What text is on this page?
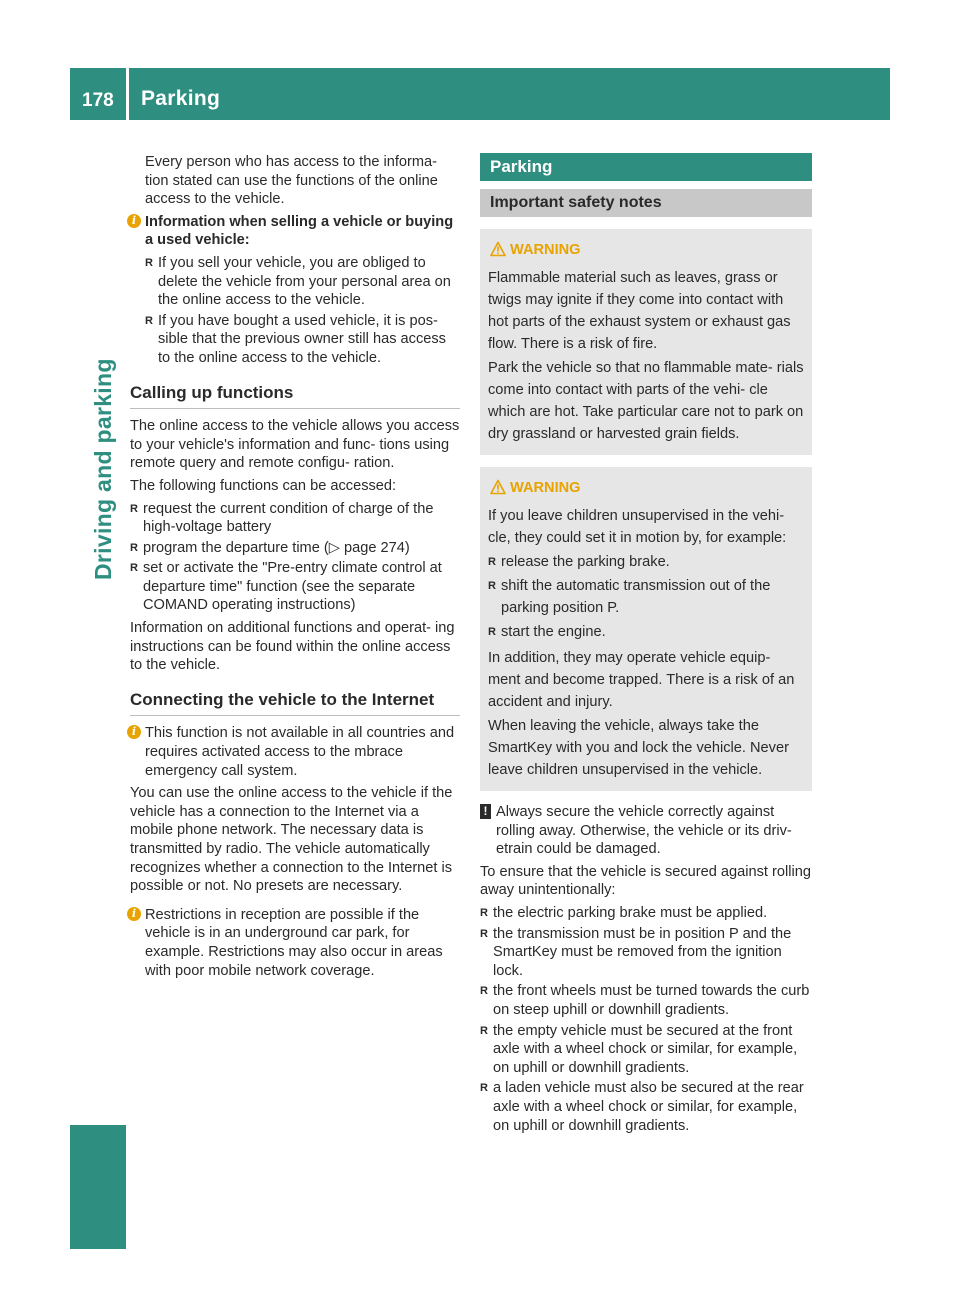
178 Parking
Driving and parking

Every person who has access to the informa- tion stated can use the functions of the online access to the vehicle.

i Information when selling a vehicle or buying a used vehicle:
R If you sell your vehicle, you are obliged to delete the vehicle from your personal area on the online access to the vehicle.
R If you have bought a used vehicle, it is pos- sible that the previous owner still has access to the online access to the vehicle.
Calling up functions

The online access to the vehicle allows you access to your vehicle's information and func- tions using remote query and remote configu- ration.

The following functions can be accessed:

R request the current condition of charge of the high-voltage battery
R program the departure time (▷ page 274)
R set or activate the "Pre-entry climate control at departure time" function (see the separate COMAND operating instructions)

Information on additional functions and operat- ing instructions can be found within the online access to the vehicle.

Connecting the vehicle to the Internet
i This function is not available in all countries and requires activated access to the mbrace emergency call system.

You can use the online access to the vehicle if the vehicle has a connection to the Internet via a mobile phone network. The necessary data is transmitted by radio. The vehicle automatically recognizes whether a connection to the Internet is possible or not. No presets are necessary.

i Restrictions in reception are possible if the vehicle is in an underground car park, for example. Restrictions may also occur in areas with poor mobile network coverage.
Parking
Important safety notes
WARNING

Flammable material such as leaves, grass or twigs may ignite if they come into contact with hot parts of the exhaust system or exhaust gas flow. There is a risk of fire.

Park the vehicle so that no flammable mate- rials come into contact with parts of the vehi- cle which are hot. Take particular care not to park on dry grassland or harvested grain fields.

WARNING

If you leave children unsupervised in the vehi- cle, they could set it in motion by, for example:

R release the parking brake.
R shift the automatic transmission out of the parking position P.
R start the engine.

In addition, they may operate vehicle equip- ment and become trapped. There is a risk of an accident and injury.

When leaving the vehicle, always take the SmartKey with you and lock the vehicle. Never leave children unsupervised in the vehicle.

! Always secure the vehicle correctly against rolling away. Otherwise, the vehicle or its driv- etrain could be damaged.

To ensure that the vehicle is secured against rolling away unintentionally:

R the electric parking brake must be applied.
R the transmission must be in position P and the SmartKey must be removed from the ignition lock.
R the front wheels must be turned towards the curb on steep uphill or downhill gradients.
R the empty vehicle must be secured at the front axle with a wheel chock or similar, for example, on uphill or downhill gradients.
R a laden vehicle must also be secured at the rear axle with a wheel chock or similar, for example, on uphill or downhill gradients.
